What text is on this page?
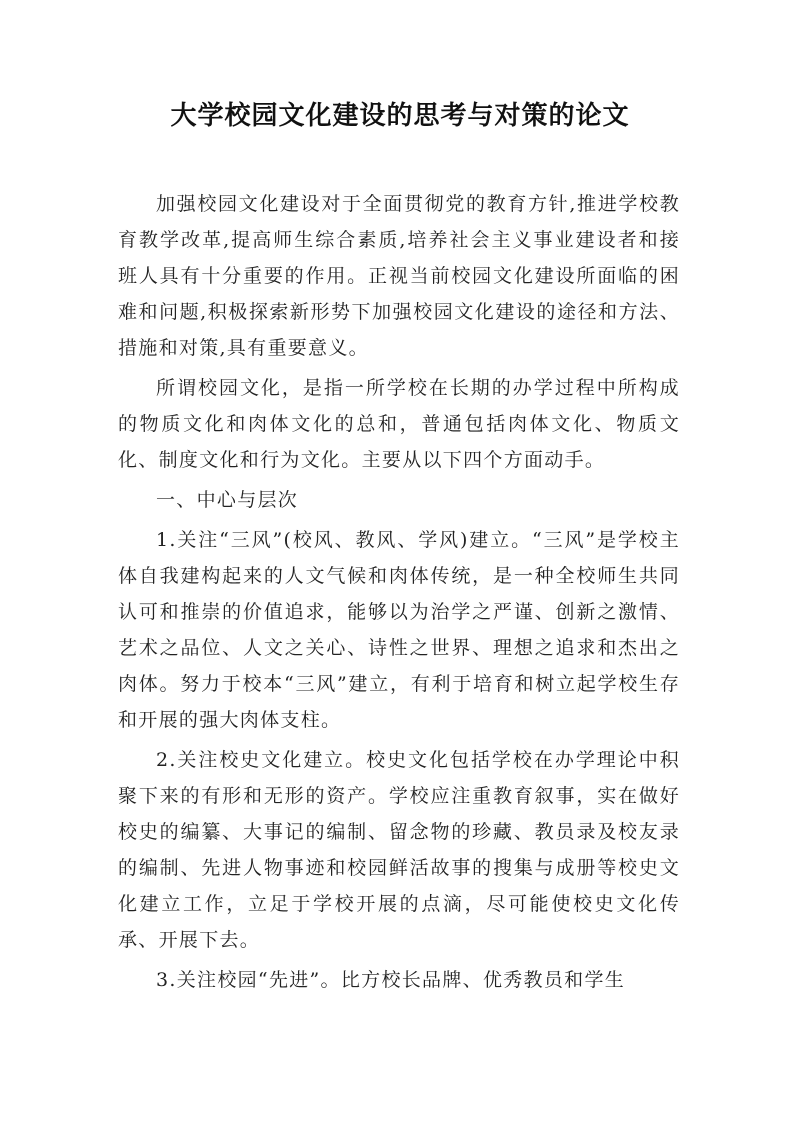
大学校园文化建设的思考与对策的论文

加强校园文化建设对于全面贯彻党的教育方针,推进学校教育教学改革,提高师生综合素质,培养社会主义事业建设者和接班人具有十分重要的作用。正视当前校园文化建设所面临的困难和问题,积极探索新形势下加强校园文化建设的途径和方法、措施和对策,具有重要意义。

所谓校园文化，是指一所学校在长期的办学过程中所构成的物质文化和肉体文化的总和，普通包括肉体文化、物质文化、制度文化和行为文化。主要从以下四个方面动手。

一、中心与层次

1.关注“三风”(校风、教风、学风)建立。“三风”是学校主体自我建构起来的人文气候和肉体传统，是一种全校师生共同认可和推崇的价值追求，能够以为治学之严谨、创新之激情、艺术之品位、人文之关心、诗性之世界、理想之追求和杰出之肉体。努力于校本“三风”建立，有利于培育和树立起学校生存和开展的强大肉体支柱。

2.关注校史文化建立。校史文化包括学校在办学理论中积聚下来的有形和无形的资产。学校应注重教育叙事，实在做好校史的编纂、大事记的编制、留念物的珍藏、教员录及校友录的编制、先进人物事迹和校园鲜活故事的搜集与成册等校史文化建立工作，立足于学校开展的点滴，尽可能使校史文化传承、开展下去。

3.关注校园“先进”。比方校长品牌、优秀教员和学生
